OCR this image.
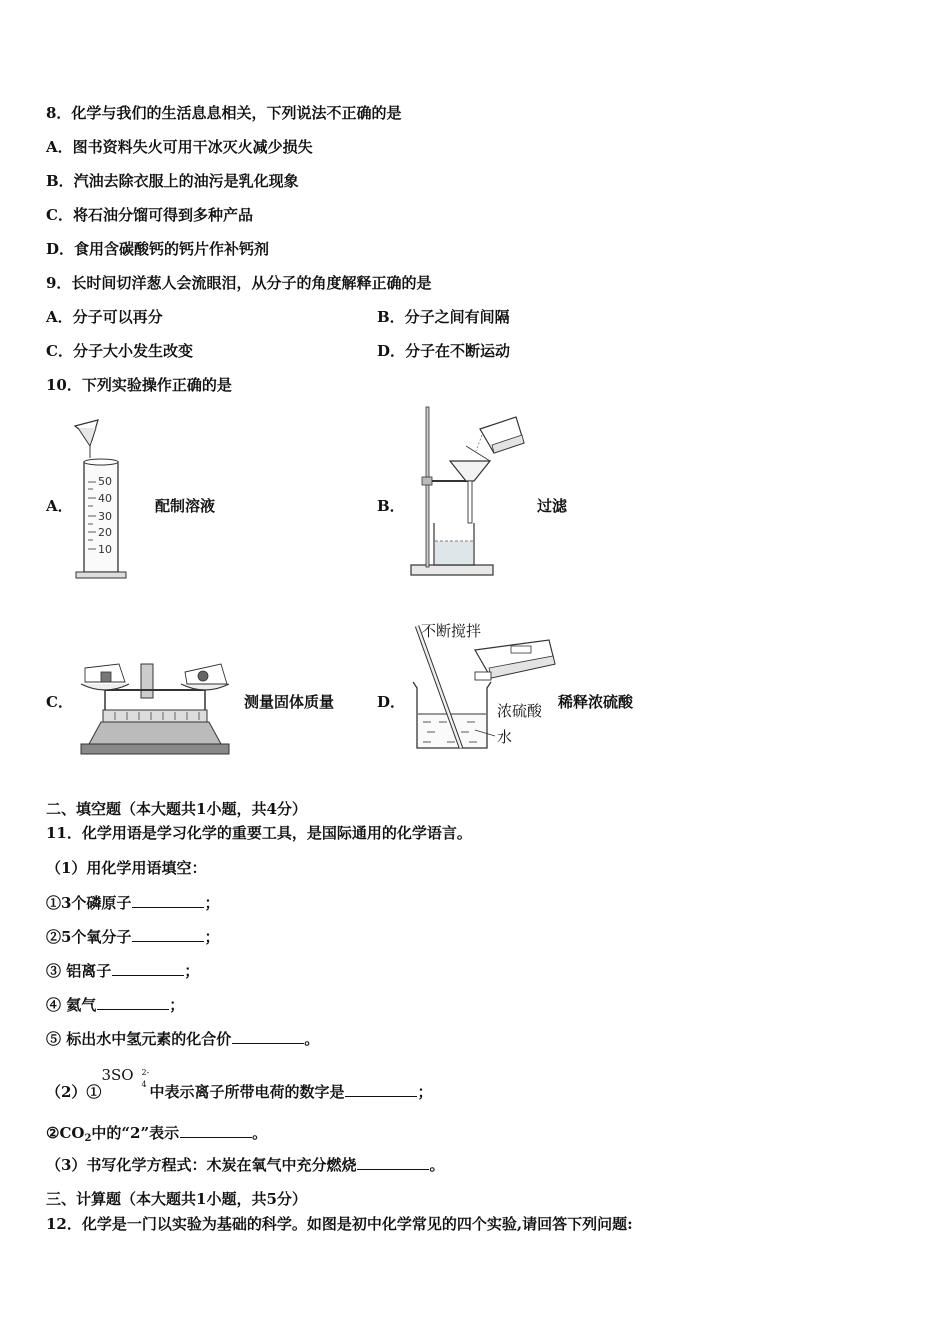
8．化学与我们的生活息息相关，下列说法不正确的是
A．图书资料失火可用干冰灭火减少损失
B．汽油去除衣服上的油污是乳化现象
C．将石油分馏可得到多种产品
D．食用含碳酸钙的钙片作补钙剂
9．长时间切洋葱人会流眼泪，从分子的角度解释正确的是
A．分子可以再分	B．分子之间有间隔
C．分子大小发生改变	D．分子在不断运动
10．下列实验操作正确的是
A．
50
40
30
20
10
配制溶液	B．	过滤
C．	测量固体质量	D．
不断搅拌
浓硫酸
水
稀释浓硫酸
二、填空题（本大题共1小题，共4分）
11．化学用语是学习化学的重要工具，是国际通用的化学语言。
（1）用化学用语填空：
①3个磷原子	；
②5个氧分子	；
③ 铝离子	；
④ 氦气	；
⑤ 标出水中氢元素的化合价	。
（2）①
3SO 2-
4 中表示离子所带电荷的数字是	；
$②CO_2$中的“2”表示	。
（3）书写化学方程式：木炭在氧气中充分燃烧	。
三、计算题（本大题共1小题，共5分）
12．化学是一门以实验为基础的科学。如图是初中化学常见的四个实验,请回答下列问题:
